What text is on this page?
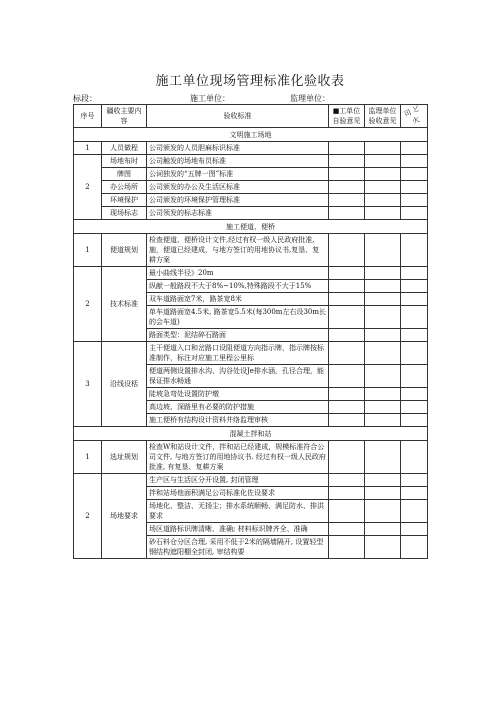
施工单位现场管理标准化验收表
标段：	施工单位：	监理单位：
序号	疆收主要内容	验收标准	■工单位自验意见	监理单位验收意见	司 ど火
文明施工场地					
1	人员做程	公司颁发的人员胆麻标识标准			
2	场地布时	公司触发的场地布员标准			
	牌图	公词独发的“五牌一图”标准			
	办公场所	公司颁发的办公及生活区标准			
	环境保护	公司颁发的环境保护管理标准			
	现场标志	公司领发的标志标准			
施工便道、便桥					
1	便道规划	检查便道、便桥设计文件,经过有权一级人民政府批准,施，便道已经建成，与地方签订的用地协议书,复垦、复耕方案			
2	技术标准	最小曲线半径》20m			
		纵献一般路段不大于8%~10%,特殊路段不大于15%			
		双车道路面宽7米，路茶宽8米			
		单车道路面宽4.5米, 路茶宽5.5米(每300m左右设30m长的会车道)			
		路面类型：泥结碎石路面			
3	沿线设栝	主干便道入口和岔路口设阻便道方向指示牌，指示牌按标准制作，标注对应施工里程公里标			
		便道两侧设置排水沟、沟谷处设Je排水涵，孔径合理，能保证排水畅通			
		陡坡急弯处设置防护墩			
		高边坡、深路里有必要的防护措施			
		施工便桥有结构设计资料井络监理审核			
混凝土拌和站					
1	选址规划	检查W和站设计文件，拌和站已经建成，规模标准符合公司文件, 与地方签订的用地协议书. 经过有权一级人民政府批准, 有复垦、复耕方案			
2	场地要求	生产区与生活区分开设置, 封闭管理			
		拌和站场他面积满足公司标准化佐设要求			
		场地化、整洁、无扬尘；排水系统顺畅、满足防水、排洪要求			
		场区道路标识牌清晰、准确; 材料标识牌齐全、准确			
		砂石料仓分区合理, 采用不低于2米的隔墙隔开, 设置轻型钢结构遮阳棚全封闭, 审结构要			
